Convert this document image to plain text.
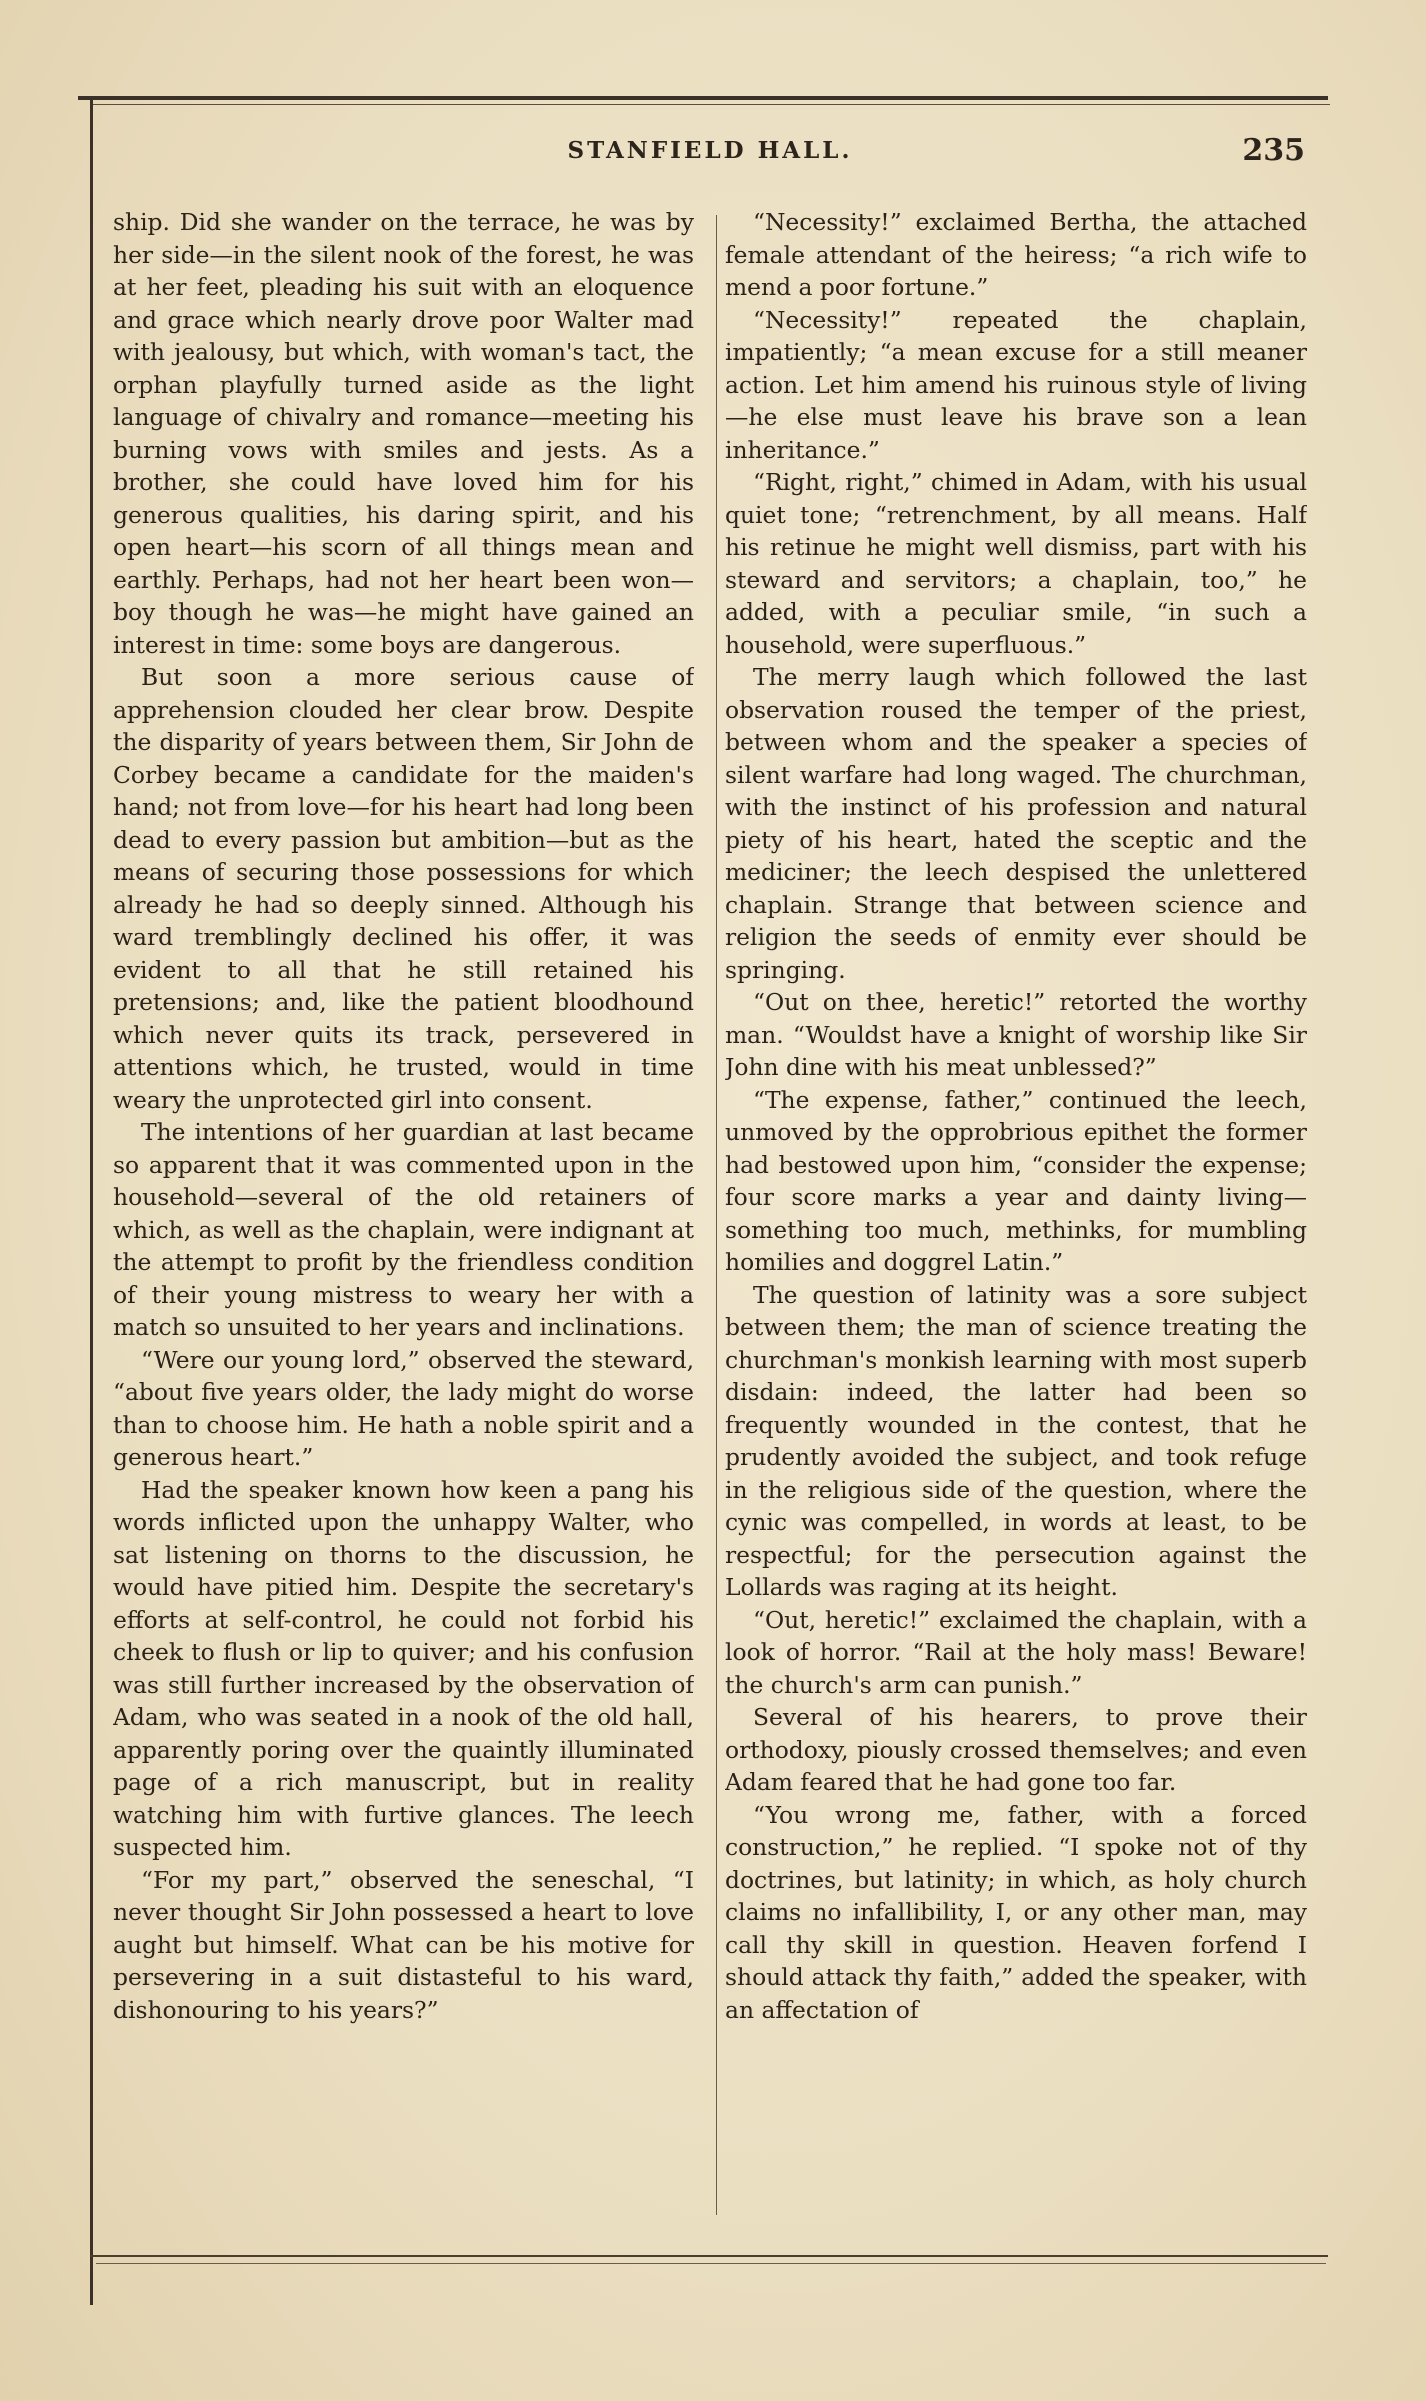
STANFIELD HALL.	235

ship. Did she wander on the terrace, he was by her side—in the silent nook of the forest, he was at her feet, pleading his suit with an eloquence and grace which nearly drove poor Walter mad with jealousy, but which, with woman's tact, the orphan playfully turned aside as the light language of chivalry and romance—meeting his burning vows with smiles and jests. As a brother, she could have loved him for his generous qualities, his daring spirit, and his open heart—his scorn of all things mean and earthly. Perhaps, had not her heart been won—boy though he was—he might have gained an interest in time: some boys are dangerous.

But soon a more serious cause of apprehension clouded her clear brow. Despite the disparity of years between them, Sir John de Corbey became a candidate for the maiden's hand; not from love—for his heart had long been dead to every passion but ambition—but as the means of securing those possessions for which already he had so deeply sinned. Although his ward tremblingly declined his offer, it was evident to all that he still retained his pretensions; and, like the patient bloodhound which never quits its track, persevered in attentions which, he trusted, would in time weary the unprotected girl into consent.

The intentions of her guardian at last became so apparent that it was commented upon in the household—several of the old retainers of which, as well as the chaplain, were indignant at the attempt to profit by the friendless condition of their young mistress to weary her with a match so unsuited to her years and inclinations.

“Were our young lord,” observed the steward, “about five years older, the lady might do worse than to choose him. He hath a noble spirit and a generous heart.”

Had the speaker known how keen a pang his words inflicted upon the unhappy Walter, who sat listening on thorns to the discussion, he would have pitied him. Despite the secretary's efforts at self-control, he could not forbid his cheek to flush or lip to quiver; and his confusion was still further increased by the observation of Adam, who was seated in a nook of the old hall, apparently poring over the quaintly illuminated page of a rich manuscript, but in reality watching him with furtive glances. The leech suspected him.

“For my part,” observed the seneschal, “I never thought Sir John possessed a heart to love aught but himself. What can be his motive for persevering in a suit distasteful to his ward, dishonouring to his years?”

“Necessity!” exclaimed Bertha, the attached female attendant of the heiress; “a rich wife to mend a poor fortune.”

“Necessity!” repeated the chaplain, impatiently; “a mean excuse for a still meaner action. Let him amend his ruinous style of living—he else must leave his brave son a lean inheritance.”

“Right, right,” chimed in Adam, with his usual quiet tone; “retrenchment, by all means. Half his retinue he might well dismiss, part with his steward and servitors; a chaplain, too,” he added, with a peculiar smile, “in such a household, were superfluous.”

The merry laugh which followed the last observation roused the temper of the priest, between whom and the speaker a species of silent warfare had long waged. The churchman, with the instinct of his profession and natural piety of his heart, hated the sceptic and the mediciner; the leech despised the unlettered chaplain. Strange that between science and religion the seeds of enmity ever should be springing.

“Out on thee, heretic!” retorted the worthy man. “Wouldst have a knight of worship like Sir John dine with his meat unblessed?”

“The expense, father,” continued the leech, unmoved by the opprobrious epithet the former had bestowed upon him, “consider the expense; four score marks a year and dainty living—something too much, methinks, for mumbling homilies and doggrel Latin.”

The question of latinity was a sore subject between them; the man of science treating the churchman's monkish learning with most superb disdain: indeed, the latter had been so frequently wounded in the contest, that he prudently avoided the subject, and took refuge in the religious side of the question, where the cynic was compelled, in words at least, to be respectful; for the persecution against the Lollards was raging at its height.

“Out, heretic!” exclaimed the chaplain, with a look of horror. “Rail at the holy mass! Beware! the church's arm can punish.”

Several of his hearers, to prove their orthodoxy, piously crossed themselves; and even Adam feared that he had gone too far.

“You wrong me, father, with a forced construction,” he replied. “I spoke not of thy doctrines, but latinity; in which, as holy church claims no infallibility, I, or any other man, may call thy skill in question. Heaven forfend I should attack thy faith,” added the speaker, with an affectation of
